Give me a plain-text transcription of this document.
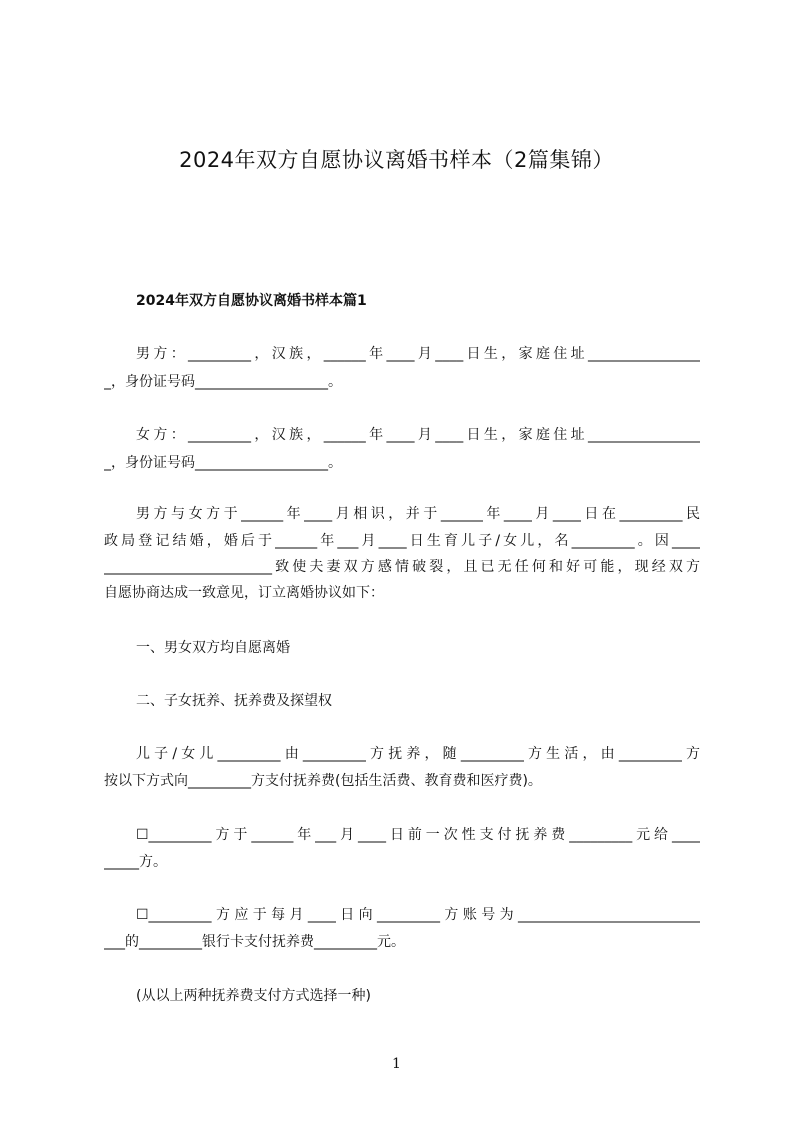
2024年双方自愿协议离婚书样本（2篇集锦）
2024年双方自愿协议离婚书样本篇1
男方：_________，汉族，______年____月____日生，家庭住址________________
_，身份证号码___________________。
女方：_________，汉族，______年____月____日生，家庭住址________________
_，身份证号码___________________。
男方与女方于______年____月相识，并于______年____月____日在_________民
政局登记结婚，婚后于______年___月____日生育儿子/女儿，名_________。因____
________________________致使夫妻双方感情破裂，且已无任何和好可能，现经双方
自愿协商达成一致意见，订立离婚协议如下：
一、男女双方均自愿离婚
二、子女抚养、抚养费及探望权
儿子/女儿_________由_________方抚养，随_________方生活，由_________方
按以下方式向_________方支付抚养费(包括生活费、教育费和医疗费)。
☐_________方于______年___月____日前一次性支付抚养费_________元给____
_____方。
☐_________方应于每月____日向_________方账号为__________________________
___的_________银行卡支付抚养费_________元。
(从以上两种抚养费支付方式选择一种)
1
